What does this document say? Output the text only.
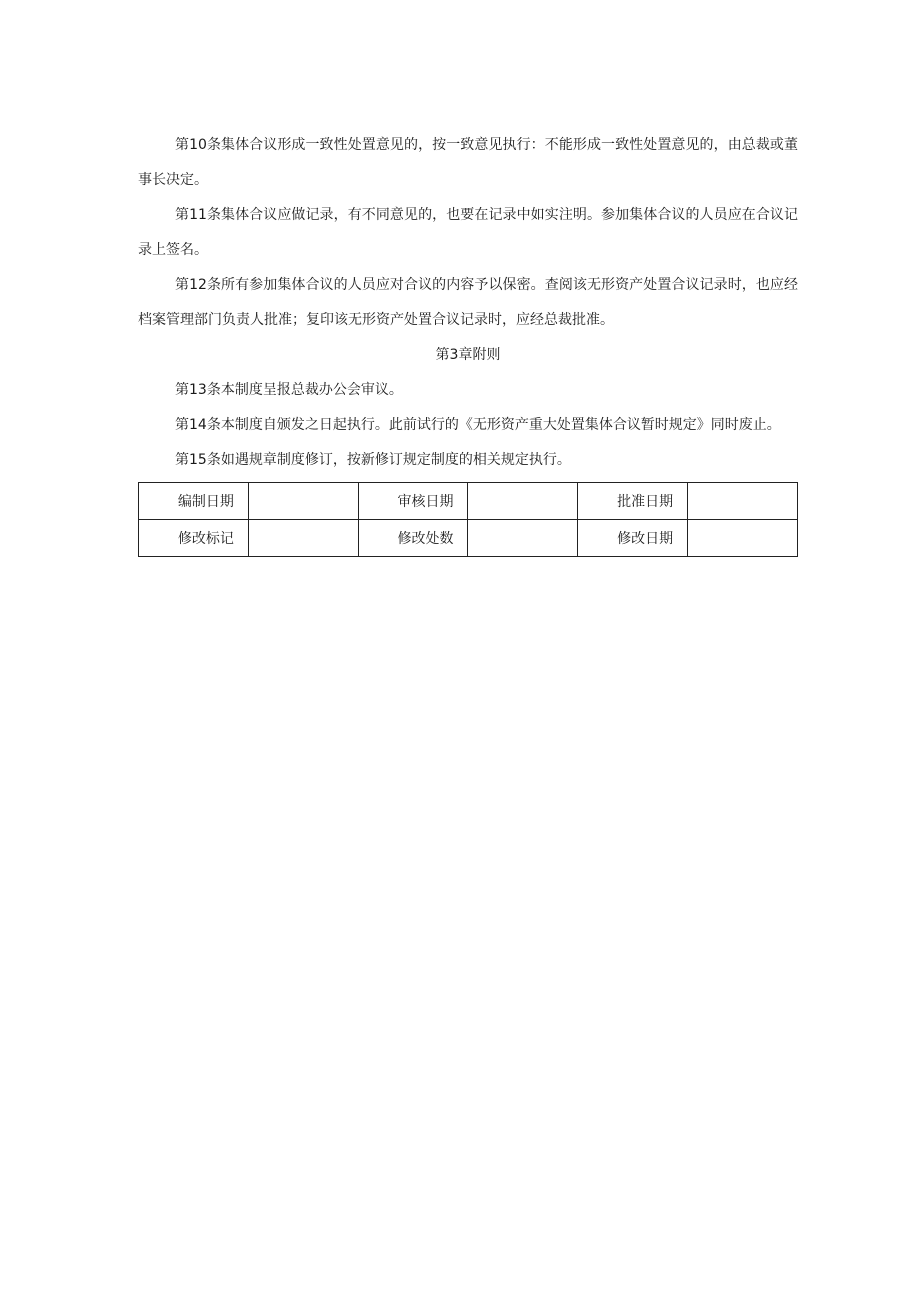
第10条集体合议形成一致性处置意见的，按一致意见执行：不能形成一致性处置意见的，由总裁或董事长决定。

第11条集体合议应做记录，有不同意见的，也要在记录中如实注明。参加集体合议的人员应在合议记录上签名。

第12条所有参加集体合议的人员应对合议的内容予以保密。查阅该无形资产处置合议记录时，也应经档案管理部门负责人批准；复印该无形资产处置合议记录时，应经总裁批准。

第3章附则

第13条本制度呈报总裁办公会审议。

第14条本制度自颁发之日起执行。此前试行的《无形资产重大处置集体合议暂时规定》同时废止。

第15条如遇规章制度修订，按新修订规定制度的相关规定执行。

编制日期		审核日期		批准日期	
修改标记		修改处数		修改日期	
